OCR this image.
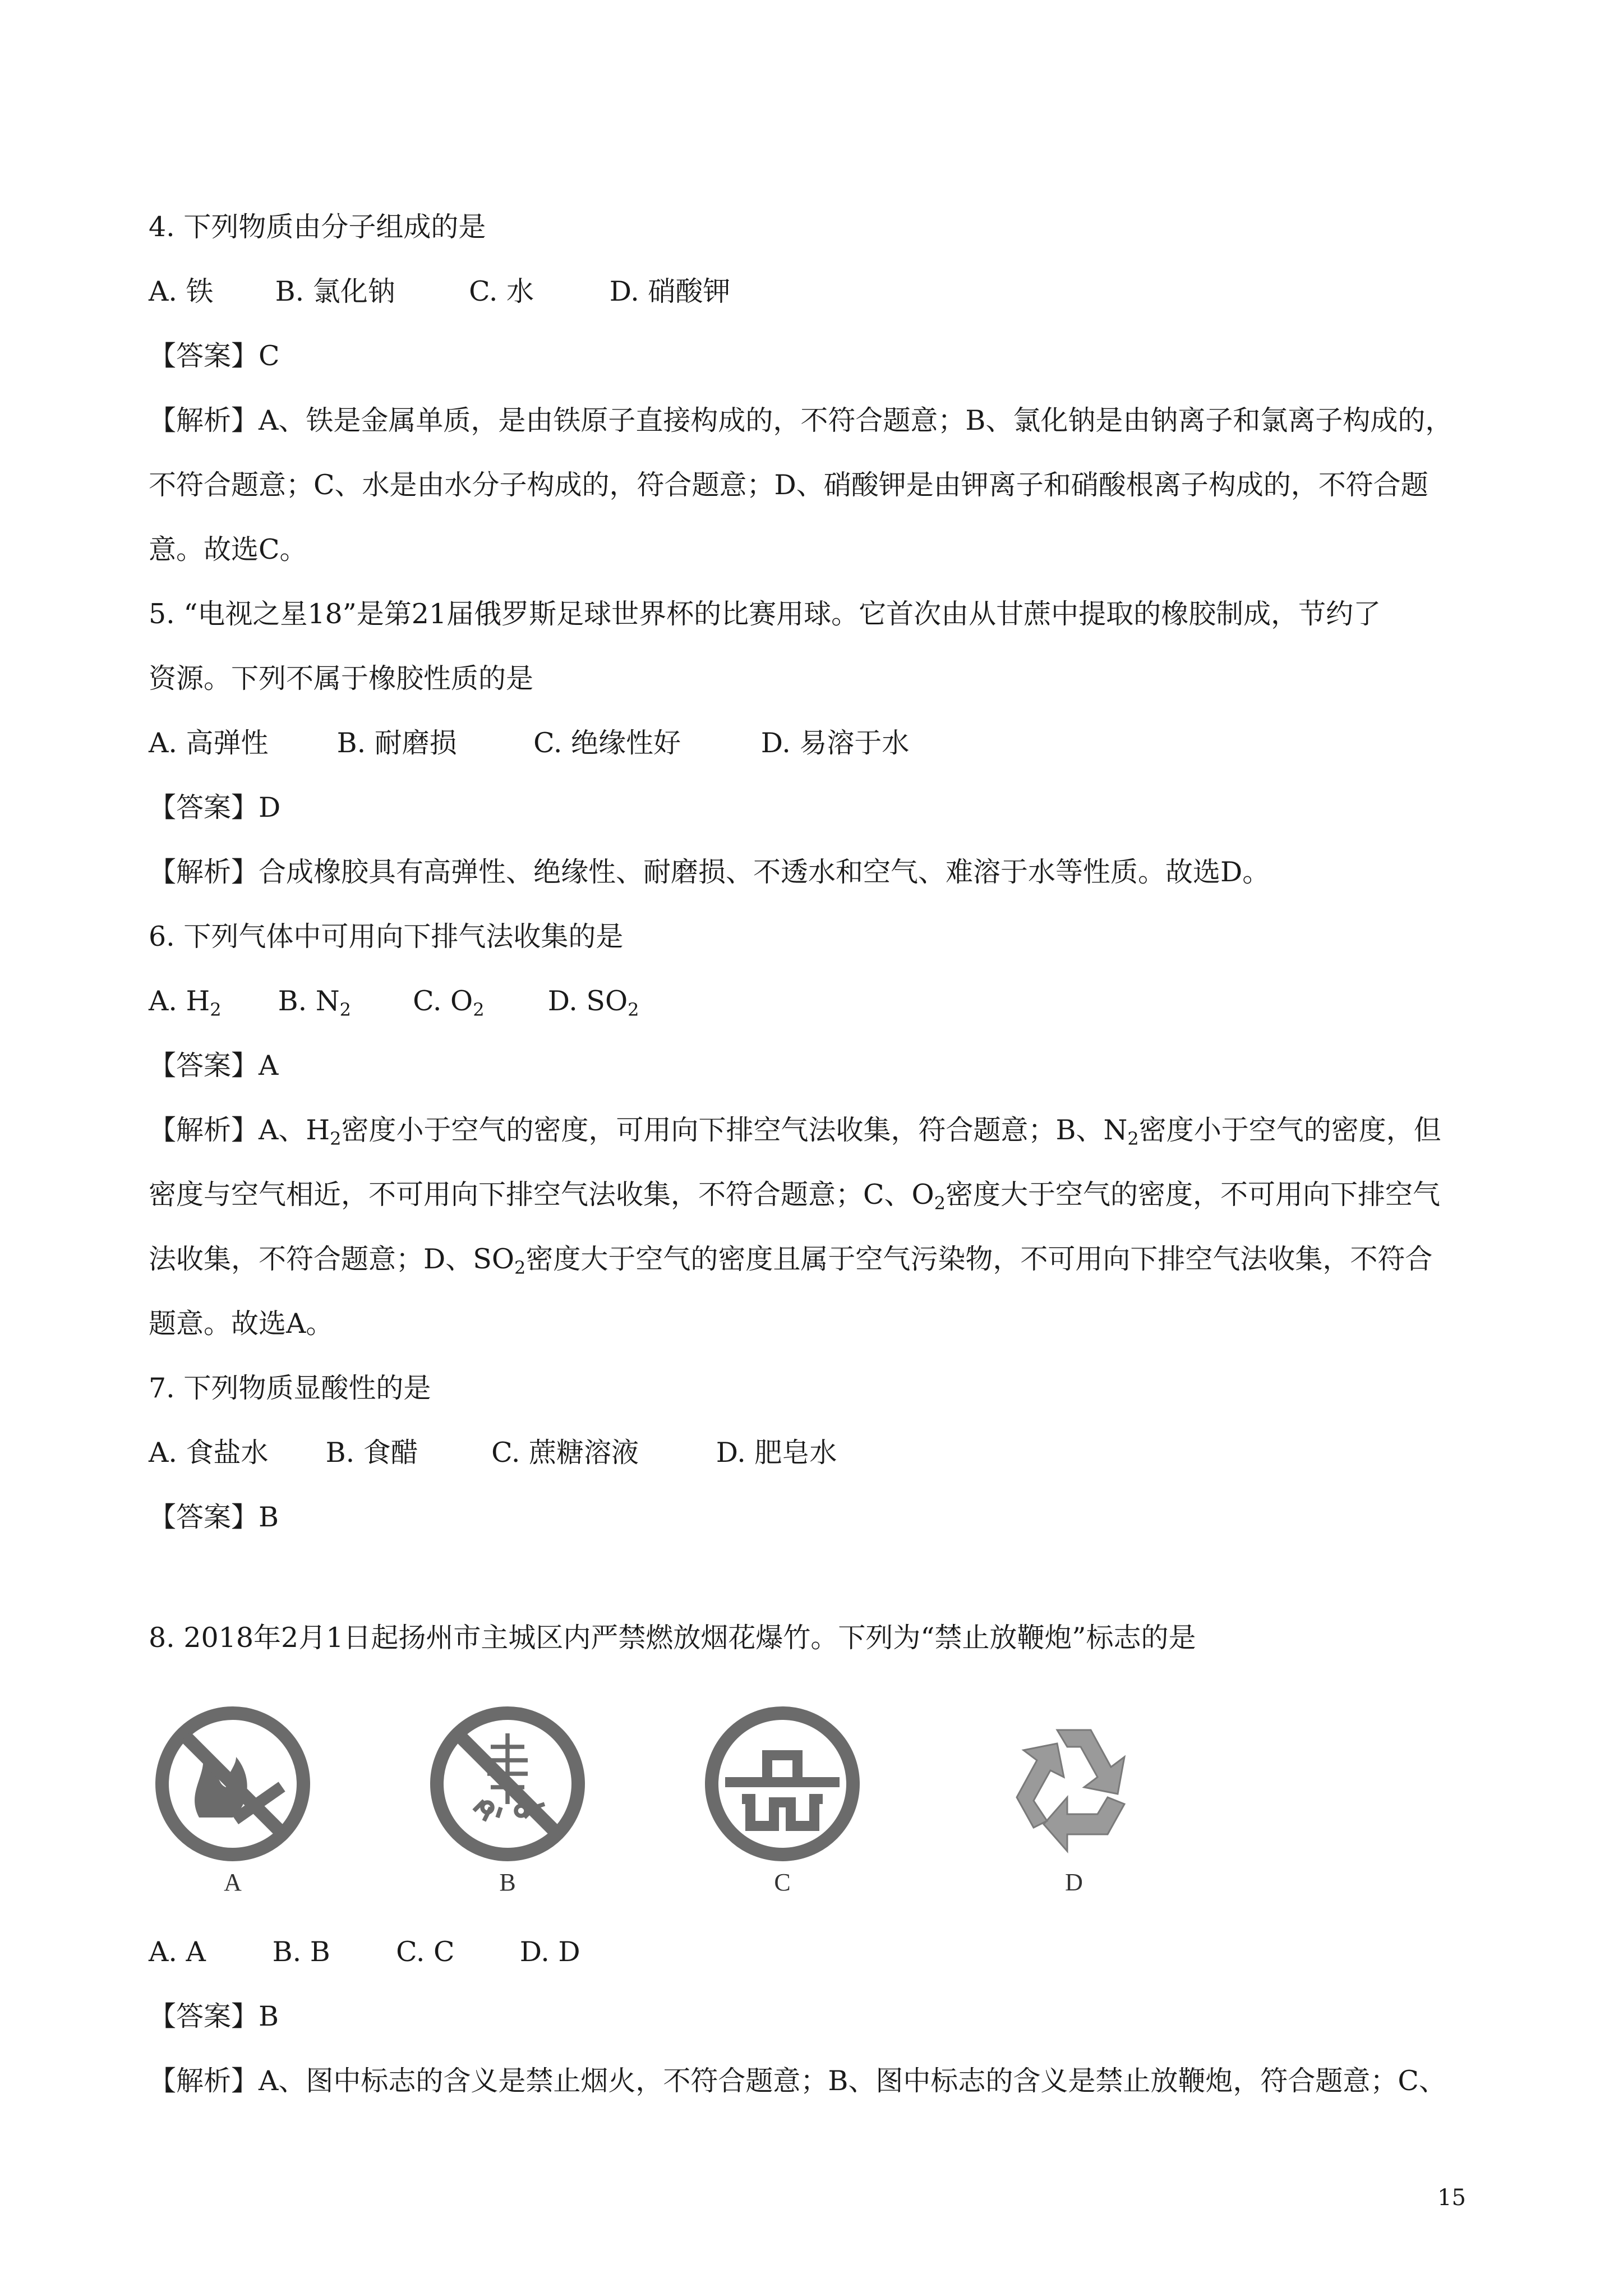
4. 下列物质由分子组成的是
A. 铁 B. 氯化钠	C. 水	D. 硝酸钾
【答案】C
【解析】A、铁是金属单质，是由铁原子直接构成的，不符合题意；B、氯化钠是由钠离子和氯离子构成的，
不符合题意；C、水是由水分子构成的，符合题意；D、硝酸钾是由钾离子和硝酸根离子构成的，不符合题
意。故选C。
5. “电视之星18”是第21届俄罗斯足球世界杯的比赛用球。它首次由从甘蔗中提取的橡胶制成，节约了
资源。下列不属于橡胶性质的是
A. 高弹性 B. 耐磨损	C. 绝缘性好	D. 易溶于水
【答案】D
【解析】合成橡胶具有高弹性、绝缘性、耐磨损、不透水和空气、难溶于水等性质。故选D。
6. 下列气体中可用向下排气法收集的是
A. H2 B. N2 C. O2 D. SO2
【答案】A
【解析】A、$H_2$密度小于空气的密度，可用向下排空气法收集，符合题意；B、$N_2$密度小于空气的密度，但
密度与空气相近，不可用向下排空气法收集，不符合题意；C、$O_2$密度大于空气的密度，不可用向下排空气
法收集，不符合题意；D、$SO_2$密度大于空气的密度且属于空气污染物，不可用向下排空气法收集，不符合
题意。故选A。
7. 下列物质显酸性的是
A. 食盐水 B. 食醋	C. 蔗糖溶液	D. 肥皂水
【答案】B
8. 2018年2月1日起扬州市主城区内严禁燃放烟花爆竹。下列为“禁止放鞭炮”标志的是
A	B	C	D
A. A B. B C. C D. D
【答案】B
【解析】A、图中标志的含义是禁止烟火，不符合题意；B、图中标志的含义是禁止放鞭炮，符合题意；C、
15
